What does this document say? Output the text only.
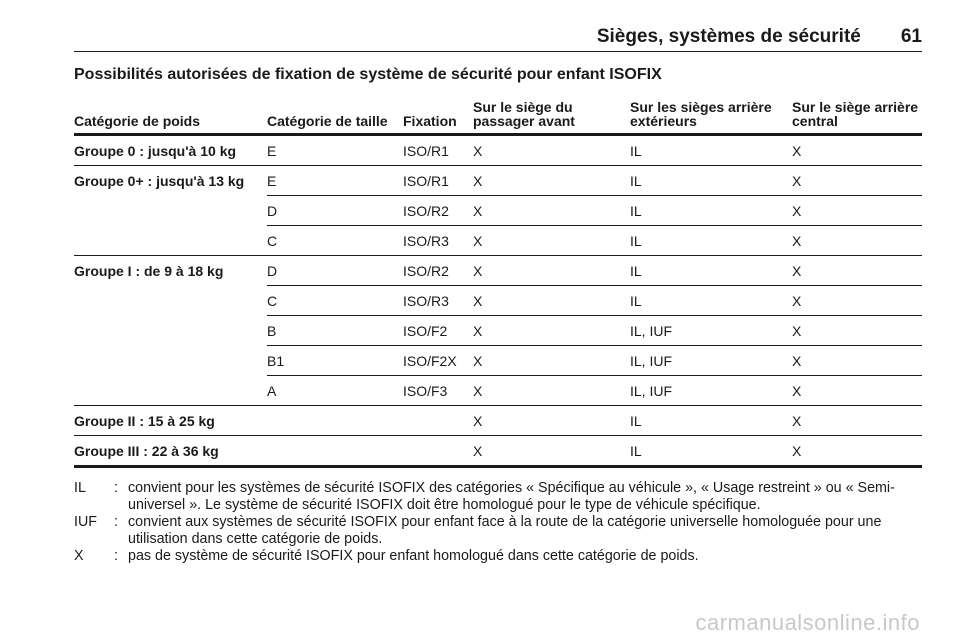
Sièges, systèmes de sécurité 61
Possibilités autorisées de fixation de système de sécurité pour enfant ISOFIX
Catégorie de poids	Catégorie de taille	Fixation	Sur le siège du passager avant	Sur les sièges arrière extérieurs	Sur le siège arrière central
Groupe 0 : jusqu'à 10 kg	E	ISO/R1	X	IL	X
Groupe 0+ : jusqu'à 13 kg	E	ISO/R1	X	IL	X
	D	ISO/R2	X	IL	X
	C	ISO/R3	X	IL	X
Groupe I : de 9 à 18 kg	D	ISO/R2	X	IL	X
	C	ISO/R3	X	IL	X
	B	ISO/F2	X	IL, IUF	X
	B1	ISO/F2X	X	IL, IUF	X
	A	ISO/F3	X	IL, IUF	X
Groupe II : 15 à 25 kg			X	IL	X
Groupe III : 22 à 36 kg			X	IL	X
IL	: convient pour les systèmes de sécurité ISOFIX des catégories « Spécifique au véhicule », « Usage restreint » ou « Semi-universel ». Le système de sécurité ISOFIX doit être homologué pour le type de véhicule spécifique.
IUF	: convient aux systèmes de sécurité ISOFIX pour enfant face à la route de la catégorie universelle homologuée pour une utilisation dans cette catégorie de poids.
X	: pas de système de sécurité ISOFIX pour enfant homologué dans cette catégorie de poids.
carmanualsonline.info
